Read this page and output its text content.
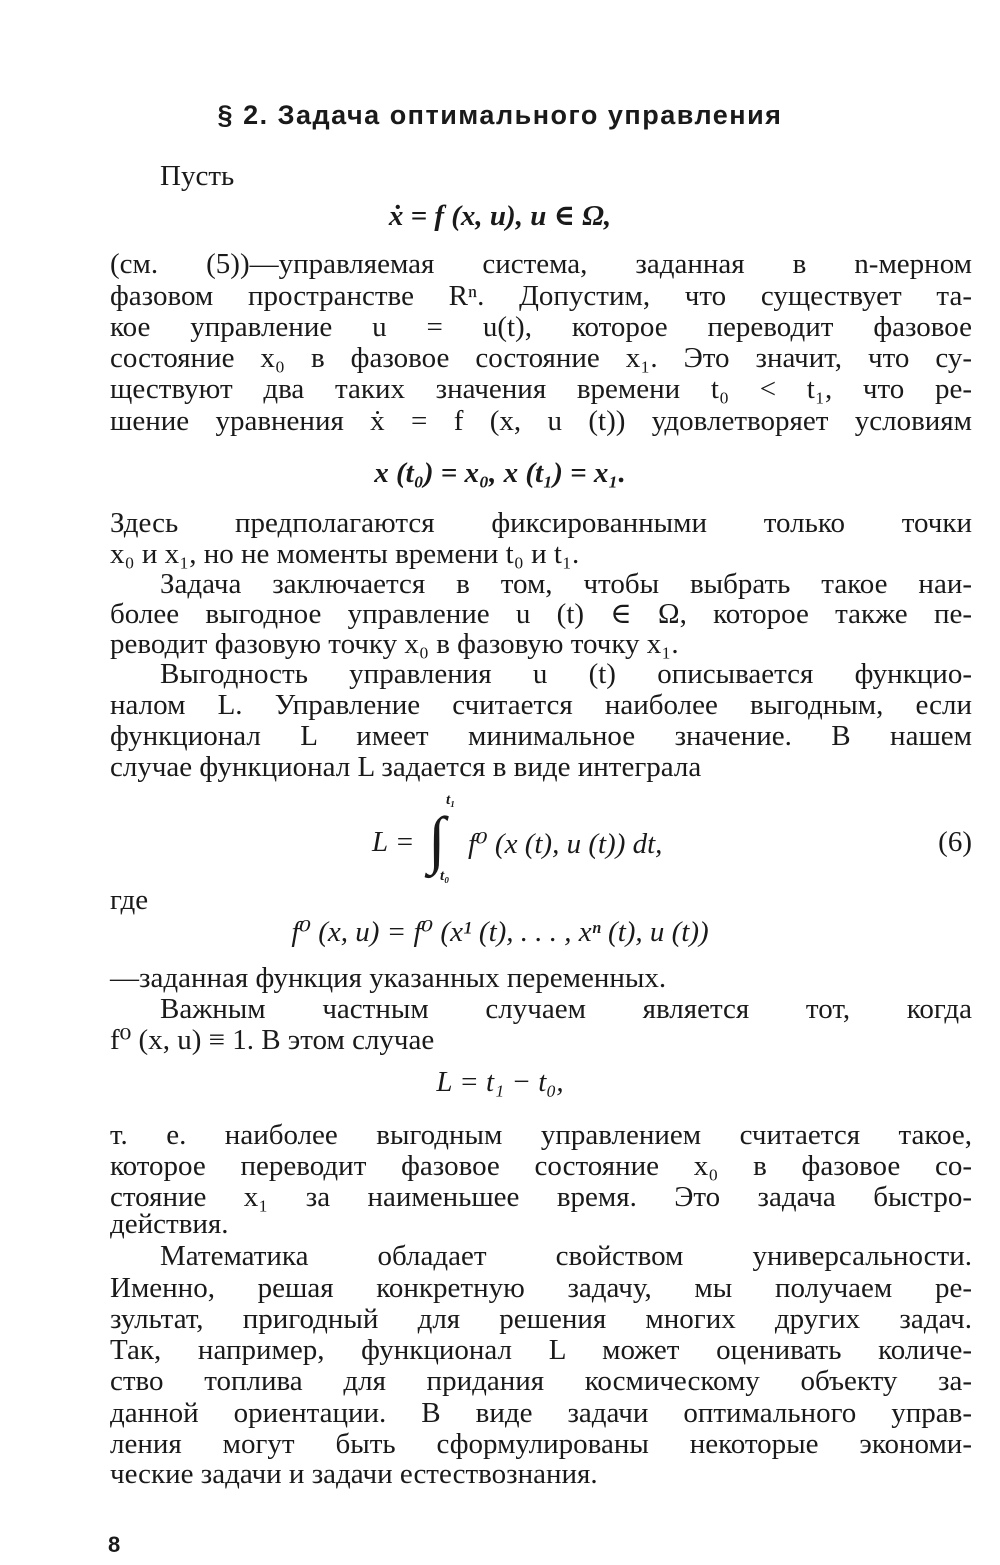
§ 2. Задача оптимального управления
Пусть
ẋ = f (x, u), u ∈ Ω,
(см. (5))—управляемая система, заданная в n-мерном
фазовом пространстве Rⁿ. Допустим, что существует та-
кое управление u = u(t), которое переводит фазовое
состояние x₀ в фазовое состояние x₁. Это значит, что су-
ществуют два таких значения времени t₀ < t₁, что ре-
шение уравнения ẋ = f (x, u (t)) удовлетворяет условиям
x (t₀) = x₀, x (t₁) = x₁.
Здесь предполагаются фиксированными только точки
x₀ и x₁, но не моменты времени t₀ и t₁.
Задача заключается в том, чтобы выбрать такое наи-
более выгодное управление u (t) ∈ Ω, которое также пе-
реводит фазовую точку x₀ в фазовую точку x₁.
Выгодность управления u (t) описывается функцио-
налом L. Управление считается наиболее выгодным, если
функционал L имеет минимальное значение. В нашем
случае функционал L задается в виде интеграла
L =
t₁
∫
t₀
f⁰ (x (t), u (t)) dt,	(6)
где
f⁰ (x, u) = f⁰ (x¹ (t), . . . , xⁿ (t), u (t))
—заданная функция указанных переменных.
Важным частным случаем является тот, когда
f⁰ (x, u) ≡ 1. В этом случае
L = t₁ − t₀,
т. е. наиболее выгодным управлением считается такое,
которое переводит фазовое состояние x₀ в фазовое со-
стояние x₁ за наименьшее время. Это задача быстро-
действия.
Математика обладает свойством универсальности.
Именно, решая конкретную задачу, мы получаем ре-
зультат, пригодный для решения многих других задач.
Так, например, функционал L может оценивать количе-
ство топлива для придания космическому объекту за-
данной ориентации. В виде задачи оптимального управ-
ления могут быть сформулированы некоторые экономи-
ческие задачи и задачи естествознания.
8
